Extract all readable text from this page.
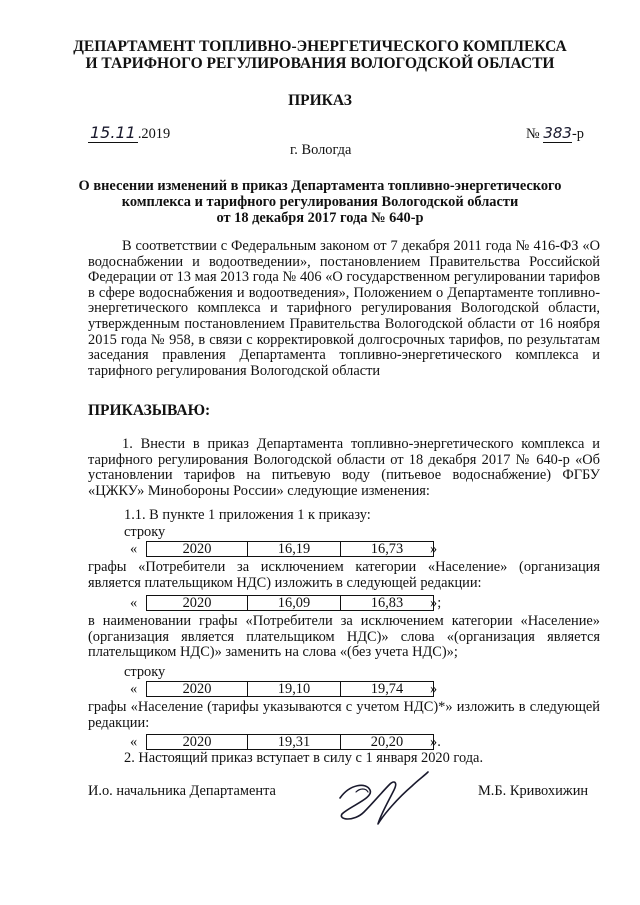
ДЕПАРТАМЕНТ ТОПЛИВНО-ЭНЕРГЕТИЧЕСКОГО КОМПЛЕКСА
И ТАРИФНОГО РЕГУЛИРОВАНИЯ ВОЛОГОДСКОЙ ОБЛАСТИ
ПРИКАЗ
15.11 .2019	№ 383-р
г. Вологда
О внесении изменений в приказ Департамента топливно-энергетического
комплекса и тарифного регулирования Вологодской области
от 18 декабря 2017 года № 640-р
В соответствии с Федеральным законом от 7 декабря 2011 года № 416-ФЗ «О водоснабжении и водоотведении», постановлением Правительства Российской Федерации от 13 мая 2013 года № 406 «О государственном регулировании тарифов в сфере водоснабжения и водоотведения», Положением о Департаменте топливно-энергетического комплекса и тарифного регулирования Вологодской области, утвержденным постановлением Правительства Вологодской области от 16 ноября 2015 года № 958, в связи с корректировкой долгосрочных тарифов, по результатам заседания правления Департамента топливно-энергетического комплекса и тарифного регулирования Вологодской области
ПРИКАЗЫВАЮ:
1. Внести в приказ Департамента топливно-энергетического комплекса и тарифного регулирования Вологодской области от 18 декабря 2017 № 640-р «Об установлении тарифов на питьевую воду (питьевое водоснабжение) ФГБУ «ЦЖКУ» Минобороны России» следующие изменения:
1.1. В пункте 1 приложения 1 к приказу:
строку
«	2020	16,19	16,73 »
графы «Потребители за исключением категории «Население» (организация является плательщиком НДС) изложить в следующей редакции:
«	2020	16,09	16,83 »;
в наименовании графы «Потребители за исключением категории «Население» (организация является плательщиком НДС)» слова «(организация является плательщиком НДС)» заменить на слова «(без учета НДС)»;
строку
«	2020	19,10	19,74 »
графы «Население (тарифы указываются с учетом НДС)*» изложить в следующей редакции:
«	2020	19,31	20,20 ».
2. Настоящий приказ вступает в силу с 1 января 2020 года.
И.о. начальника Департамента	М.Б. Кривохижин
